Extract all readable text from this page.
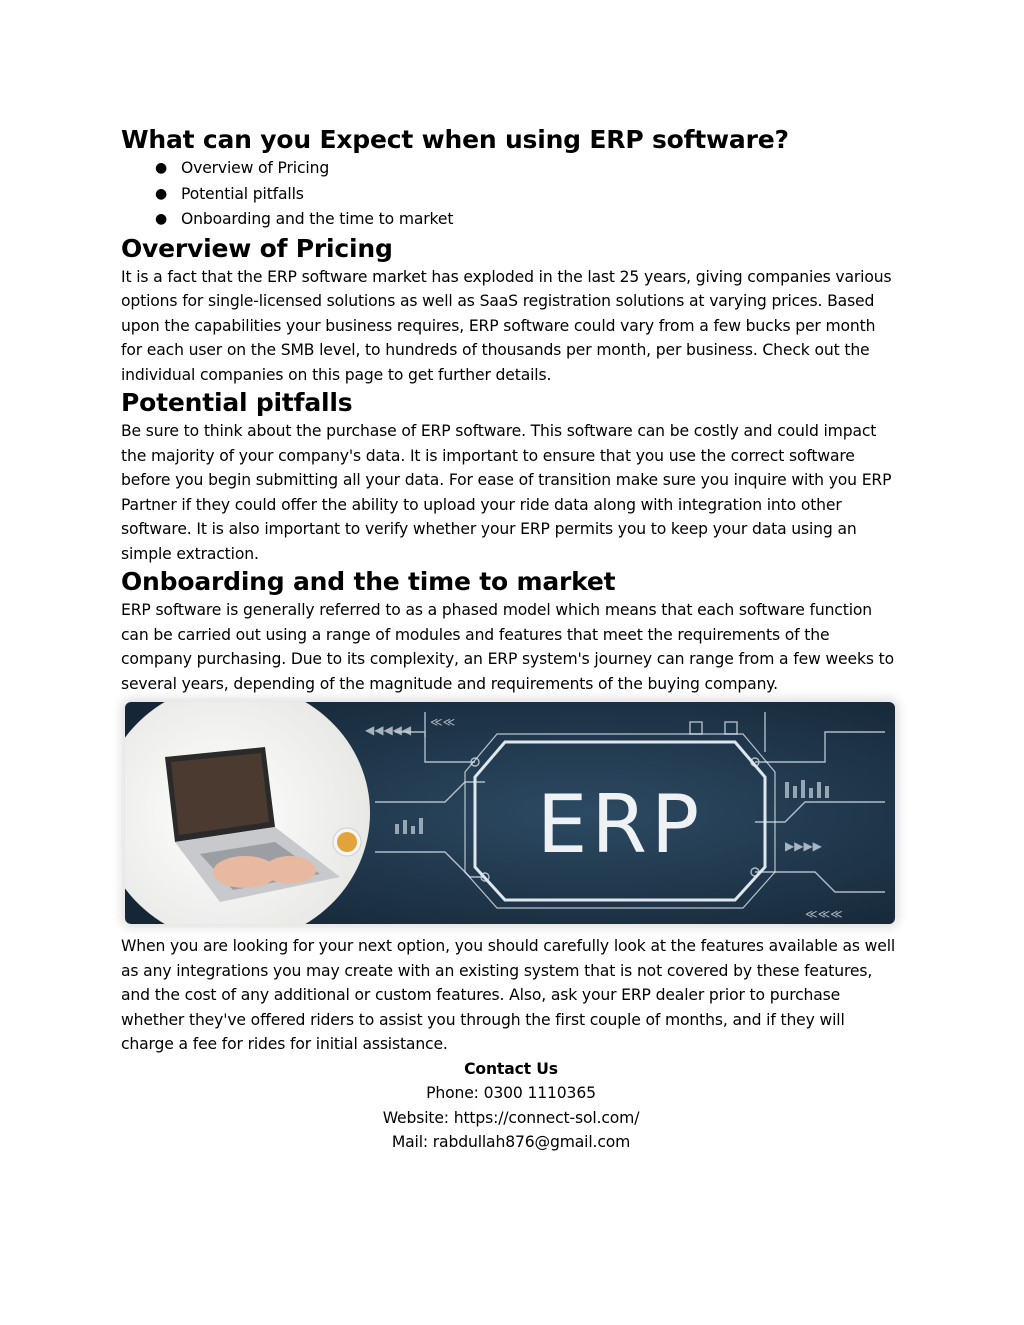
What can you Expect when using ERP software?
● Overview of Pricing
● Potential pitfalls
● Onboarding and the time to market
Overview of Pricing

It is a fact that the ERP software market has exploded in the last 25 years, giving companies various options for single-licensed solutions as well as SaaS registration solutions at varying prices. Based upon the capabilities your business requires, ERP software could vary from a few bucks per month for each user on the SMB level, to hundreds of thousands per month, per business. Check out the individual companies on this page to get further details.

Potential pitfalls

Be sure to think about the purchase of ERP software. This software can be costly and could impact the majority of your company's data. It is important to ensure that you use the correct software before you begin submitting all your data. For ease of transition make sure you inquire with you ERP Partner if they could offer the ability to upload your ride data along with integration into other software. It is also important to verify whether your ERP permits you to keep your data using an simple extraction.

Onboarding and the time to market

ERP software is generally referred to as a phased model which means that each software function can be carried out using a range of modules and features that meet the requirements of the company purchasing. Due to its complexity, an ERP system's journey can range from a few weeks to several years, depending of the magnitude and requirements of the buying company.

◀◀◀◀◀
≪≪
▶▶▶▶
≪≪≪
ERP

When you are looking for your next option, you should carefully look at the features available as well as any integrations you may create with an existing system that is not covered by these features, and the cost of any additional or custom features. Also, ask your ERP dealer prior to purchase whether they've offered riders to assist you through the first couple of months, and if they will charge a fee for rides for initial assistance.

Contact Us

Phone: 0300 1110365

Website: https://connect-sol.com/

Mail: rabdullah876@gmail.com
